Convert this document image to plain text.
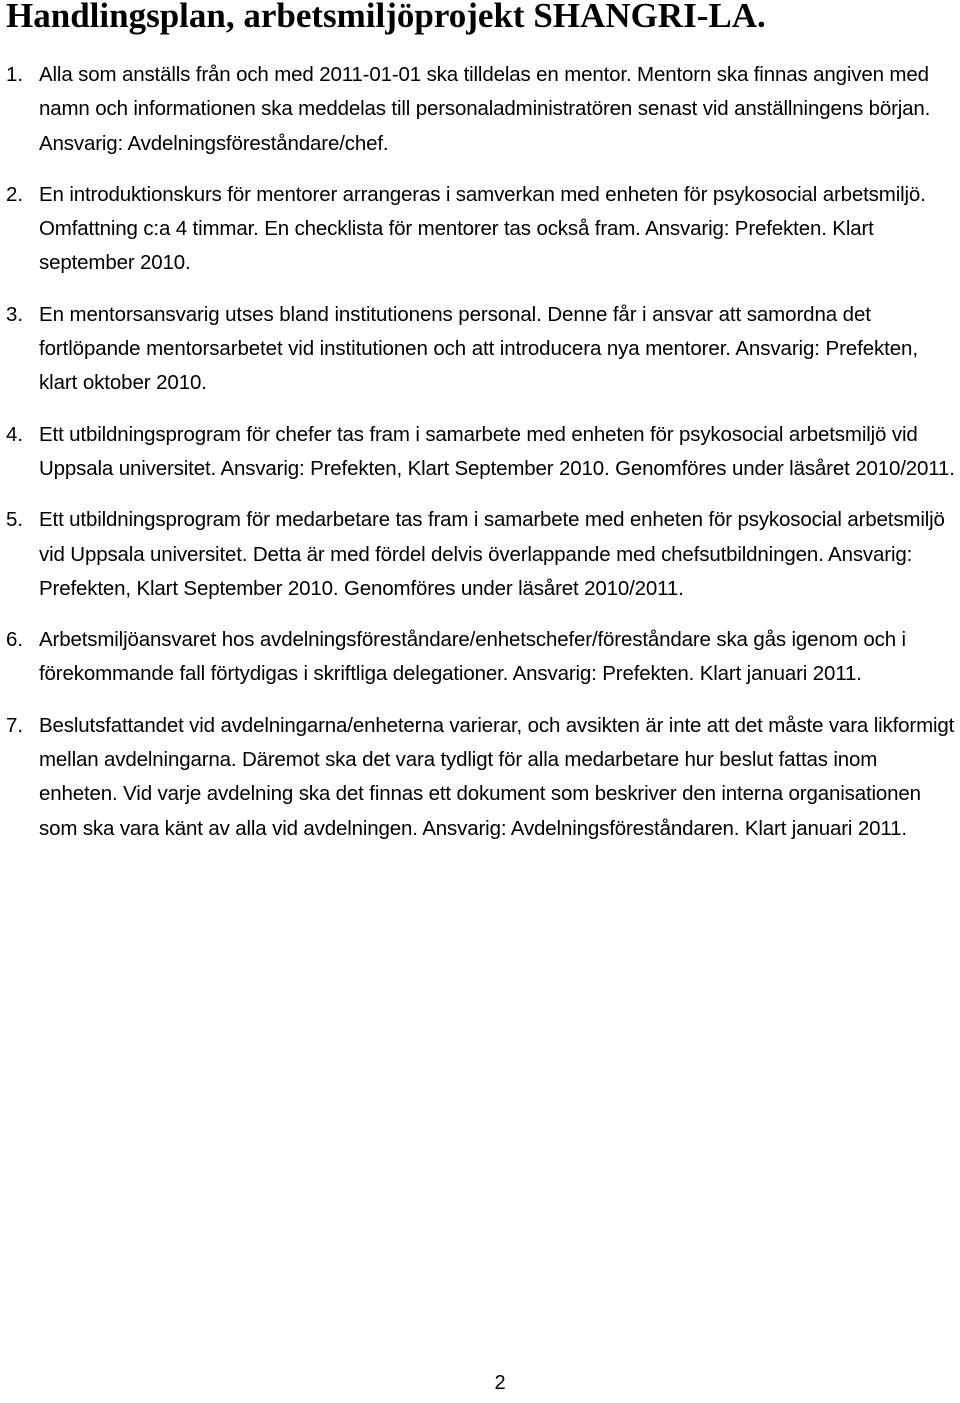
Handlingsplan, arbetsmiljöprojekt SHANGRI-LA.
1. Alla som anställs från och med 2011-01-01 ska tilldelas en mentor. Mentorn ska finnas angiven med namn och informationen ska meddelas till personaladministratören senast vid anställningens början. Ansvarig: Avdelningsföreståndare/chef.
2. En introduktionskurs för mentorer arrangeras i samverkan med enheten för psykosocial arbetsmiljö. Omfattning c:a 4 timmar. En checklista för mentorer tas också fram. Ansvarig: Prefekten. Klart september 2010.
3. En mentorsansvarig utses bland institutionens personal. Denne får i ansvar att samordna det fortlöpande mentorsarbetet vid institutionen och att introducera nya mentorer. Ansvarig: Prefekten, klart oktober 2010.
4. Ett utbildningsprogram för chefer tas fram i samarbete med enheten för psykosocial arbetsmiljö vid Uppsala universitet. Ansvarig: Prefekten, Klart September 2010. Genomföres under läsåret 2010/2011.
5. Ett utbildningsprogram för medarbetare tas fram i samarbete med enheten för psykosocial arbetsmiljö vid Uppsala universitet. Detta är med fördel delvis överlappande med chefsutbildningen. Ansvarig: Prefekten, Klart September 2010. Genomföres under läsåret 2010/2011.
6. Arbetsmiljöansvaret hos avdelningsföreståndare/enhetschefer/föreståndare ska gås igenom och i förekommande fall förtydigas i skriftliga delegationer. Ansvarig: Prefekten. Klart januari 2011.
7. Beslutsfattandet vid avdelningarna/enheterna varierar, och avsikten är inte att det måste vara likformigt mellan avdelningarna. Däremot ska det vara tydligt för alla medarbetare hur beslut fattas inom enheten. Vid varje avdelning ska det finnas ett dokument som beskriver den interna organisationen som ska vara känt av alla vid avdelningen. Ansvarig: Avdelningsföreståndaren. Klart januari 2011.
2
